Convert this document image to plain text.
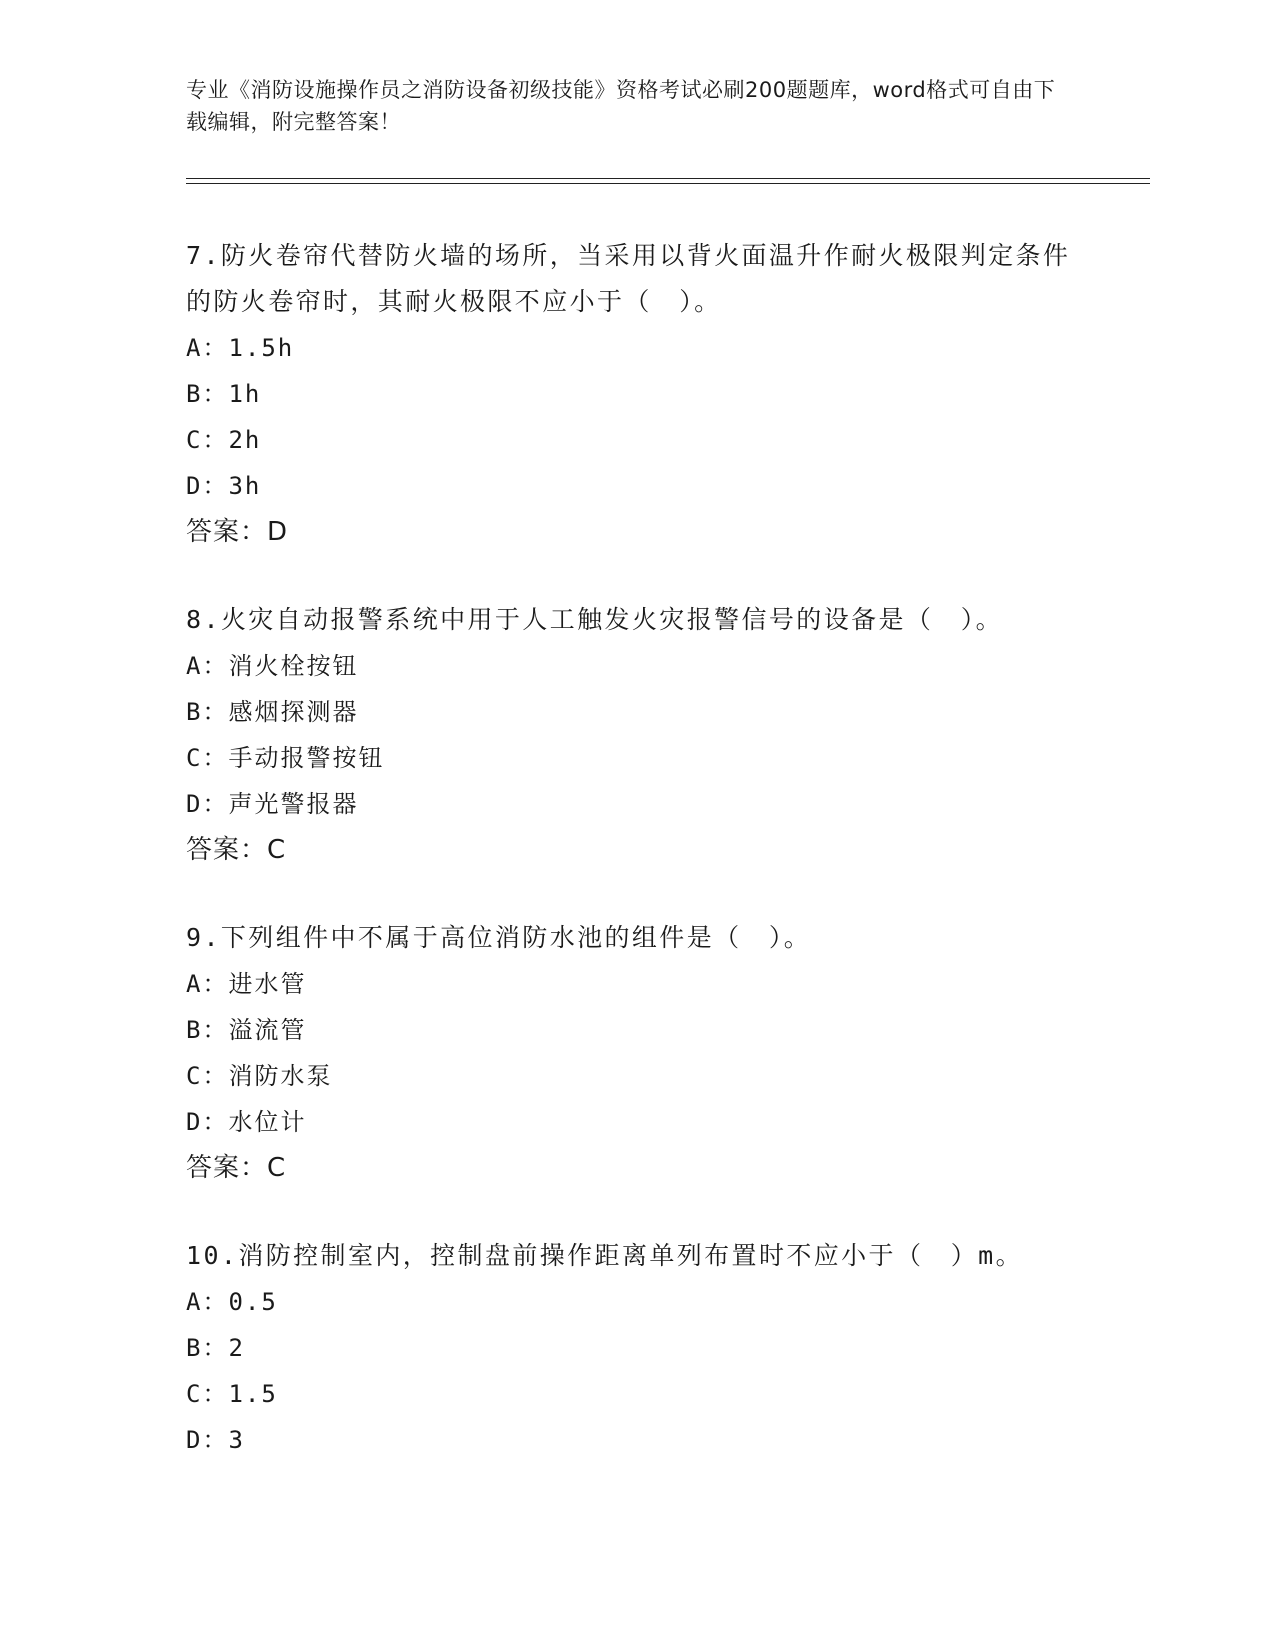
专业《消防设施操作员之消防设备初级技能》资格考试必刷200题题库，word格式可自由下载编辑，附完整答案！

7.防火卷帘代替防火墙的场所，当采用以背火面温升作耐火极限判定条件的防火卷帘时，其耐火极限不应小于（　）。

A：1.5h
B：1h
C：2h
D：3h
答案：D

8.火灾自动报警系统中用于人工触发火灾报警信号的设备是（　）。

A：消火栓按钮
B：感烟探测器
C：手动报警按钮
D：声光警报器
答案：C

9.下列组件中不属于高位消防水池的组件是（　）。

A：进水管
B：溢流管
C：消防水泵
D：水位计
答案：C

10.消防控制室内，控制盘前操作距离单列布置时不应小于（　）m。

A：0.5
B：2
C：1.5
D：3
